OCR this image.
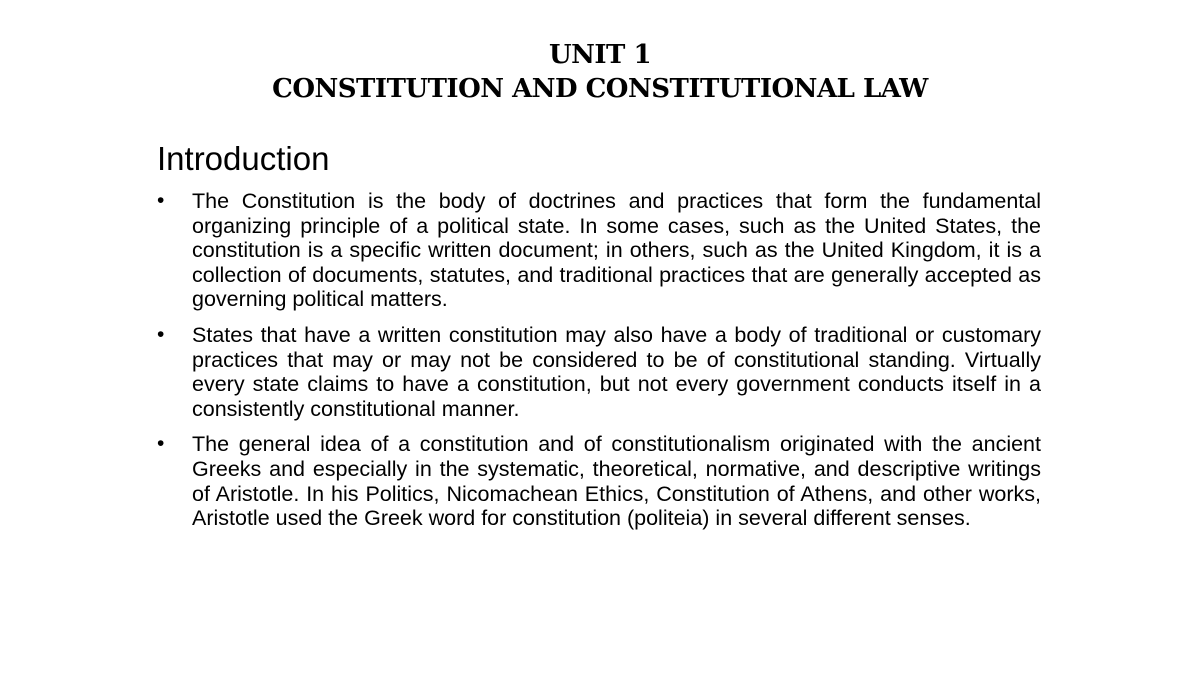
UNIT 1
CONSTITUTION AND CONSTITUTIONAL LAW
Introduction
• The Constitution is the body of doctrines and practices that form the fundamental organizing principle of a political state. In some cases, such as the United States, the constitution is a specific written document; in others, such as the United Kingdom, it is a collection of documents, statutes, and traditional practices that are generally accepted as governing political matters.
• States that have a written constitution may also have a body of traditional or customary practices that may or may not be considered to be of constitutional standing. Virtually every state claims to have a constitution, but not every government conducts itself in a consistently constitutional manner.
• The general idea of a constitution and of constitutionalism originated with the ancient Greeks and especially in the systematic, theoretical, normative, and descriptive writings of Aristotle. In his Politics, Nicomachean Ethics, Constitution of Athens, and other works, Aristotle used the Greek word for constitution (politeia) in several different senses.
